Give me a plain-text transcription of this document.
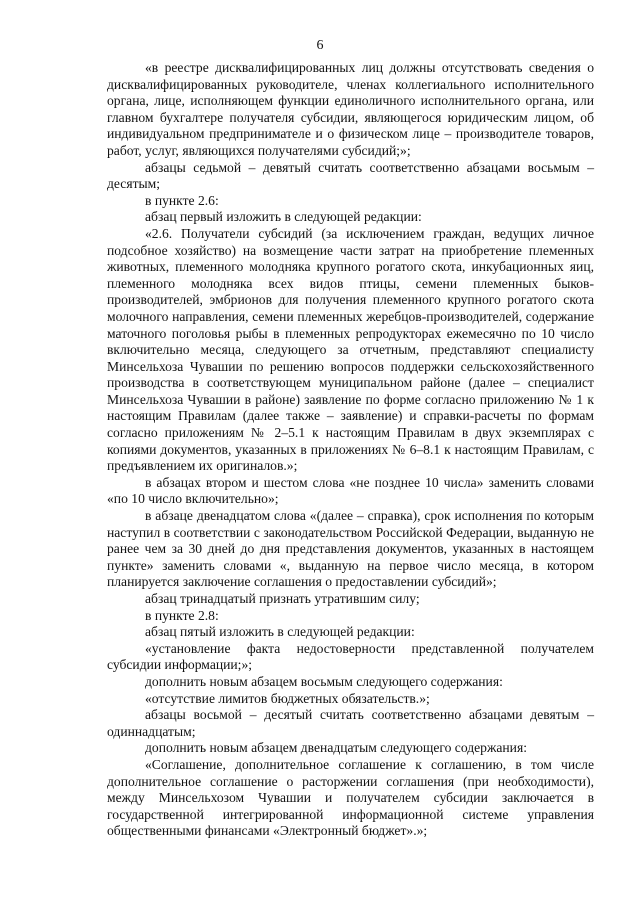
6

«в реестре дисквалифицированных лиц должны отсутствовать сведения о дисквалифицированных руководителе, членах коллегиального исполнительного органа, лице, исполняющем функции единоличного исполнительного органа, или главном бухгалтере получателя субсидии, являющегося юридическим лицом, об индивидуальном предпринимателе и о физическом лице – производителе товаров, работ, услуг, являющихся получателями субсидий;»;

абзацы седьмой – девятый считать соответственно абзацами восьмым – десятым;

в пункте 2.6:

абзац первый изложить в следующей редакции:

«2.6. Получатели субсидий (за исключением граждан, ведущих личное подсобное хозяйство) на возмещение части затрат на приобретение племенных животных, племенного молодняка крупного рогатого скота, инкубационных яиц, племенного молодняка всех видов птицы, семени племенных быков-производителей, эмбрионов для получения племенного крупного рогатого скота молочного направления, семени племенных жеребцов-производителей, содержание маточного поголовья рыбы в племенных репродукторах ежемесячно по 10 число включительно месяца, следующего за отчетным, представляют специалисту Минсельхоза Чувашии по решению вопросов поддержки сельскохозяйственного производства в соответствующем муниципальном районе (далее – специалист Минсельхоза Чувашии в районе) заявление по форме согласно приложению № 1 к настоящим Правилам (далее также – заявление) и справки-расчеты по формам согласно приложениям № 2–5.1 к настоящим Правилам в двух экземплярах с копиями документов, указанных в приложениях № 6–8.1 к настоящим Правилам, с предъявлением их оригиналов.»;

в абзацах втором и шестом слова «не позднее 10 числа» заменить словами «по 10 число включительно»;

в абзаце двенадцатом слова «(далее – справка), срок исполнения по которым наступил в соответствии с законодательством Российской Федерации, выданную не ранее чем за 30 дней до дня представления документов, указанных в настоящем пункте» заменить словами «, выданную на первое число месяца, в котором планируется заключение соглашения о предоставлении субсидий»;

абзац тринадцатый признать утратившим силу;

в пункте 2.8:

абзац пятый изложить в следующей редакции:

«установление факта недостоверности представленной получателем субсидии информации;»;

дополнить новым абзацем восьмым следующего содержания:

«отсутствие лимитов бюджетных обязательств.»;

абзацы восьмой – десятый считать соответственно абзацами девятым – одиннадцатым;

дополнить новым абзацем двенадцатым следующего содержания:

«Соглашение, дополнительное соглашение к соглашению, в том числе дополнительное соглашение о расторжении соглашения (при необходимости), между Минсельхозом Чувашии и получателем субсидии заключается в государственной интегрированной информационной системе управления общественными финансами «Электронный бюджет».»;
